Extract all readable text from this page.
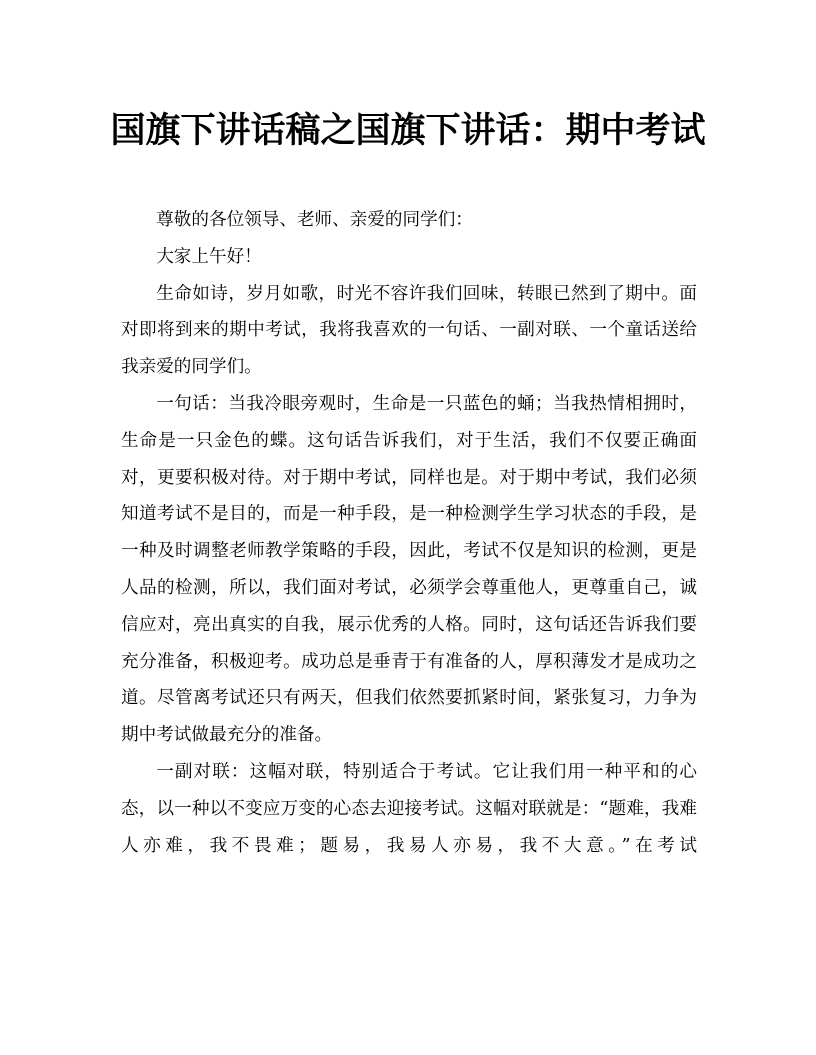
国旗下讲话稿之国旗下讲话：期中考试

尊敬的各位领导、老师、亲爱的同学们：

大家上午好！

生命如诗，岁月如歌，时光不容许我们回味，转眼已然到了期中。面对即将到来的期中考试，我将我喜欢的一句话、一副对联、一个童话送给我亲爱的同学们。

一句话：当我冷眼旁观时，生命是一只蓝色的蛹；当我热情相拥时，生命是一只金色的蝶。这句话告诉我们，对于生活，我们不仅要正确面对，更要积极对待。对于期中考试，同样也是。对于期中考试，我们必须知道考试不是目的，而是一种手段，是一种检测学生学习状态的手段，是一种及时调整老师教学策略的手段，因此，考试不仅是知识的检测，更是人品的检测，所以，我们面对考试，必须学会尊重他人，更尊重自己，诚信应对，亮出真实的自我，展示优秀的人格。同时，这句话还告诉我们要充分准备，积极迎考。成功总是垂青于有准备的人，厚积薄发才是成功之道。尽管离考试还只有两天，但我们依然要抓紧时间，紧张复习，力争为期中考试做最充分的准备。

一副对联：这幅对联，特别适合于考试。它让我们用一种平和的心态，以一种以不变应万变的心态去迎接考试。这幅对联就是：“题难，我难人亦难，我不畏难；题易，我易人亦易，我不大意。”在考试
